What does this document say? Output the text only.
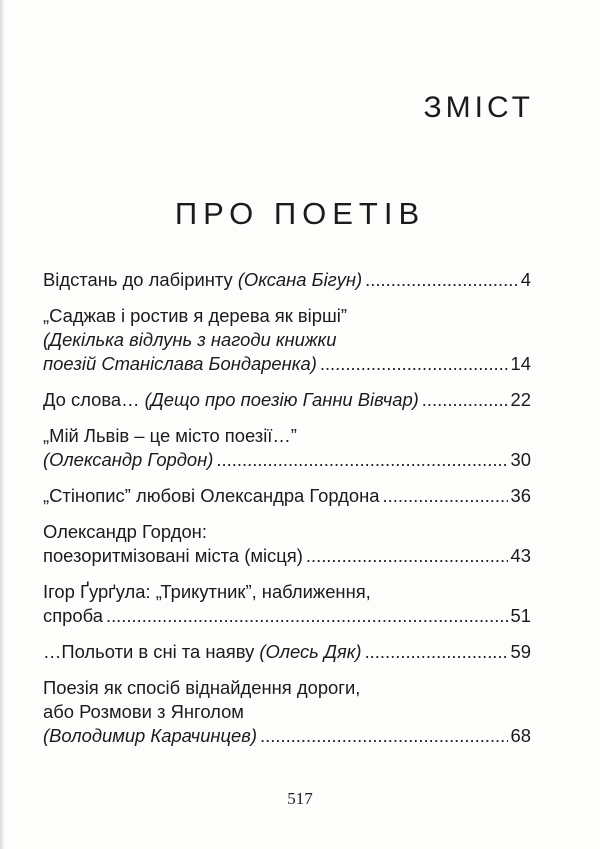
ЗМІСТ
ПРО ПОЕТІВ
Відстань до лабіринту (Оксана Бігун) .....	4
„Саджав і ростив я дерева як вірші”
(Декілька відлунь з нагоди книжки
поезій Станіслава Бондаренка) .....	14
До слова… (Дещо про поезію Ганни Вівчар) .....	22
„Мій Львів – це місто поезії…”
(Олександр Гордон) .....	30
„Стінопис” любові Олександра Гордона .....	36
Олександр Гордон:
поезоритмізовані міста (місця) .....	43
Ігор Ґурґула: „Трикутник”, наближення,
спроба .....	51
…Польоти в сні та наяву (Олесь Дяк) .....	59
Поезія як спосіб віднайдення дороги,
або Розмови з Янголом
(Володимир Карачинцев) .....	68
517
